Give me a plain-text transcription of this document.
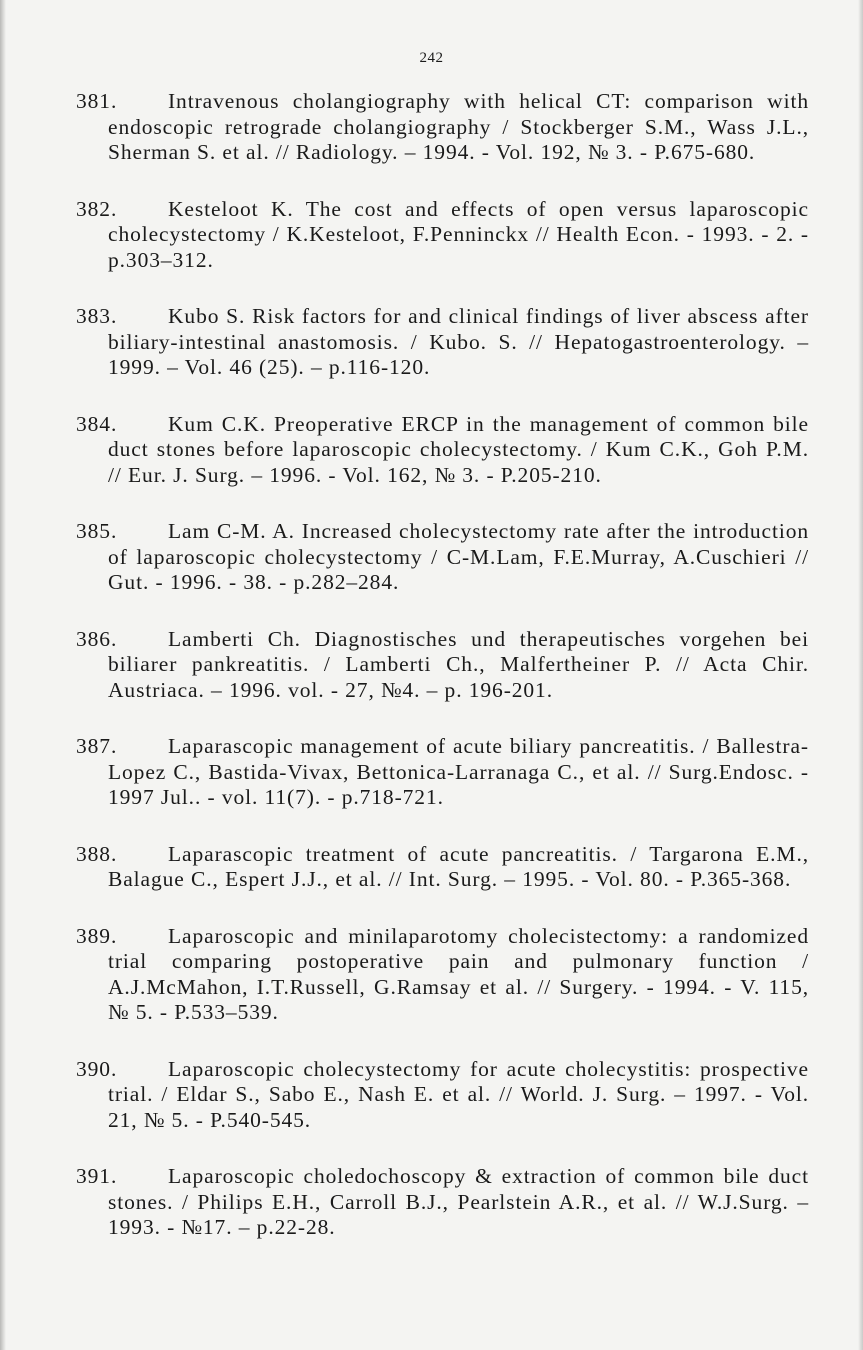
242
381.	Intravenous cholangiography with helical CT: comparison with endoscopic retrograde cholangiography / Stockberger S.M., Wass J.L., Sherman S. et al. // Radiology. – 1994. - Vol. 192, № 3. - P.675-680.
382.	Kesteloot K. The cost and effects of open versus laparoscopic cholecystectomy / K.Kesteloot, F.Penninckx // Health Econ. - 1993. - 2. - p.303–312.
383.	Kubo S. Risk factors for and clinical findings of liver abscess after biliary-intestinal anastomosis. / Kubo. S. // Hepatogastroenterology. – 1999. – Vol. 46 (25). – p.116-120.
384.	Kum C.K. Preoperative ERCP in the management of common bile duct stones before laparoscopic cholecystectomy. / Kum C.K., Goh P.M. // Eur. J. Surg. – 1996. - Vol. 162, № 3. - P.205-210.
385.	Lam C-M. A. Increased cholecystectomy rate after the introduction of laparoscopic cholecystectomy / C-M.Lam, F.E.Murray, A.Cuschieri // Gut. - 1996. - 38. - p.282–284.
386.	Lamberti Ch. Diagnostisches und therapeutisches vorgehen bei biliarer pankreatitis. / Lamberti Ch., Malfertheiner P. // Acta Chir. Austriaca. – 1996. vol. - 27, №4. – p. 196-201.
387.	Laparascopic management of acute biliary pancreatitis. / Ballestra-Lopez C., Bastida-Vivax, Bettonica-Larranaga C., et al. // Surg.Endosc. - 1997 Jul.. - vol. 11(7). - p.718-721.
388.	Laparascopic treatment of acute pancreatitis. / Targarona E.M., Balague C., Espert J.J., et al. // Int. Surg. – 1995. - Vol. 80. - P.365-368.
389.	Laparoscopic and minilaparotomy cholecistectomy: a randomized trial comparing postoperative pain and pulmonary function / A.J.McMahon, I.T.Russell, G.Ramsay et al. // Surgery. - 1994. - V. 115, № 5. - P.533–539.
390.	Laparoscopic cholecystectomy for acute cholecystitis: prospective trial. / Eldar S., Sabo E., Nash E. et al. // World. J. Surg. – 1997. - Vol. 21, № 5. - P.540-545.
391.	Laparoscopic choledochoscopy & extraction of common bile duct stones. / Philips E.H., Carroll B.J., Pearlstein A.R., et al. // W.J.Surg. – 1993. - №17. – p.22-28.
